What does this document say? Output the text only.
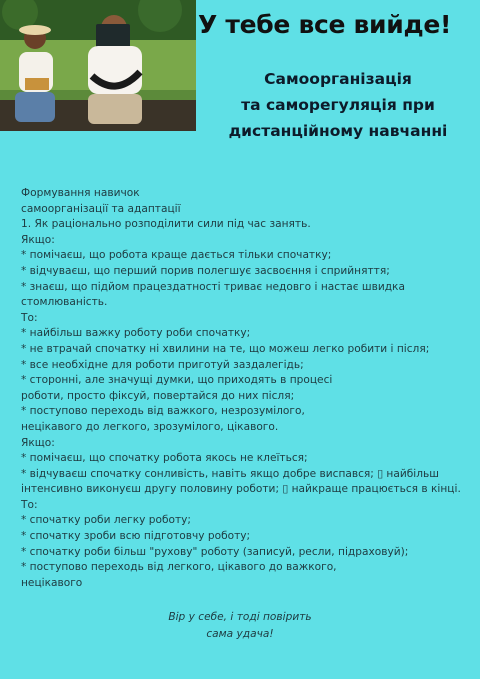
У тебе все вийде!
Самоорганізація
та саморегуляція при
дистанційному навчанні
Формування навичок
самоорганізації та адаптації
1. Як раціонально розподілити сили під час занять.
Якщо:
* помічаєш, що робота краще дається тільки спочатку;
* відчуваєш, що перший порив полегшує засвоєння і сприйняття;
* знаєш, що підйом працездатності триває недовго і настає швидка
стомлюваність.
То:
* найбільш важку роботу роби спочатку;
* не втрачай спочатку ні хвилини на те, що можеш легко робити і після;
* все необхідне для роботи приготуй заздалегідь;
* сторонні, але значущі думки, що приходять в процесі
роботи, просто фіксуй, повертайся до них після;
* поступово переходь від важкого, незрозумілого,
нецікавого до легкого, зрозумілого, цікавого.
Якщо:
* помічаєш, що спочатку робота якось не клеїться;
* відчуваєш спочатку сонливість, навіть якщо добре виспався; ▯ найбільш
інтенсивно виконуєш другу половину роботи; ▯ найкраще працюється в кінці.
То:
* спочатку роби легку роботу;
* спочатку зроби всю підготовчу роботу;
* спочатку роби більш "рухову" роботу (записуй, ресли, підраховуй);
* поступово переходь від легкого, цікавого до важкого,
нецікавого
Вір у себе, і тоді повірить
сама удача!
